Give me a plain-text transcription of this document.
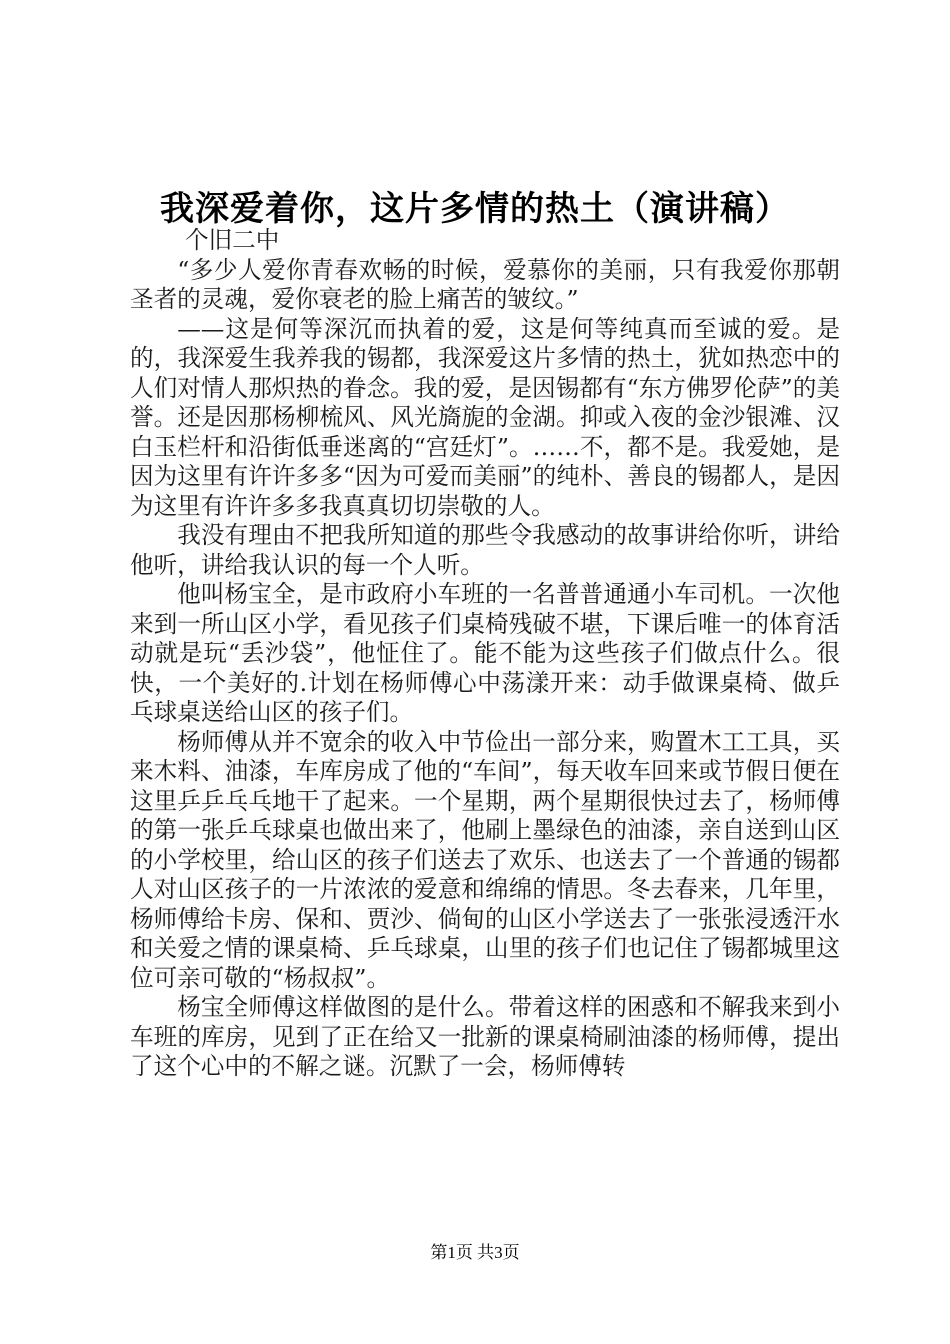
我深爱着你，这片多情的热土（演讲稿）
个旧二中

“多少人爱你青春欢畅的时候，爱慕你的美丽，只有我爱你那朝圣者的灵魂，爱你衰老的脸上痛苦的皱纹。”

——这是何等深沉而执着的爱，这是何等纯真而至诚的爱。是的，我深爱生我养我的锡都，我深爱这片多情的热土，犹如热恋中的人们对情人那炽热的眷念。我的爱，是因锡都有“东方佛罗伦萨”的美誉。还是因那杨柳梳风、风光旖旎的金湖。抑或入夜的金沙银滩、汉白玉栏杆和沿街低垂迷离的“宫廷灯”。……不，都不是。我爱她，是因为这里有许许多多“因为可爱而美丽”的纯朴、善良的锡都人，是因为这里有许许多多我真真切切崇敬的人。

我没有理由不把我所知道的那些令我感动的故事讲给你听，讲给他听，讲给我认识的每一个人听。

他叫杨宝全，是市政府小车班的一名普普通通小车司机。一次他来到一所山区小学，看见孩子们桌椅残破不堪，下课后唯一的体育活动就是玩“丢沙袋”，他怔住了。能不能为这些孩子们做点什么。很快，一个美好的.计划在杨师傅心中荡漾开来：动手做课桌椅、做乒乓球桌送给山区的孩子们。

杨师傅从并不宽余的收入中节俭出一部分来，购置木工工具，买来木料、油漆，车库房成了他的“车间”，每天收车回来或节假日便在这里乒乒乓乓地干了起来。一个星期，两个星期很快过去了，杨师傅的第一张乒乓球桌也做出来了，他刷上墨绿色的油漆，亲自送到山区的小学校里，给山区的孩子们送去了欢乐、也送去了一个普通的锡都人对山区孩子的一片浓浓的爱意和绵绵的情思。冬去春来，几年里，杨师傅给卡房、保和、贾沙、倘甸的山区小学送去了一张张浸透汗水和关爱之情的课桌椅、乒乓球桌，山里的孩子们也记住了锡都城里这位可亲可敬的“杨叔叔”。

杨宝全师傅这样做图的是什么。带着这样的困惑和不解我来到小车班的库房，见到了正在给又一批新的课桌椅刷油漆的杨师傅，提出了这个心中的不解之谜。沉默了一会，杨师傅转

第1页 共3页
